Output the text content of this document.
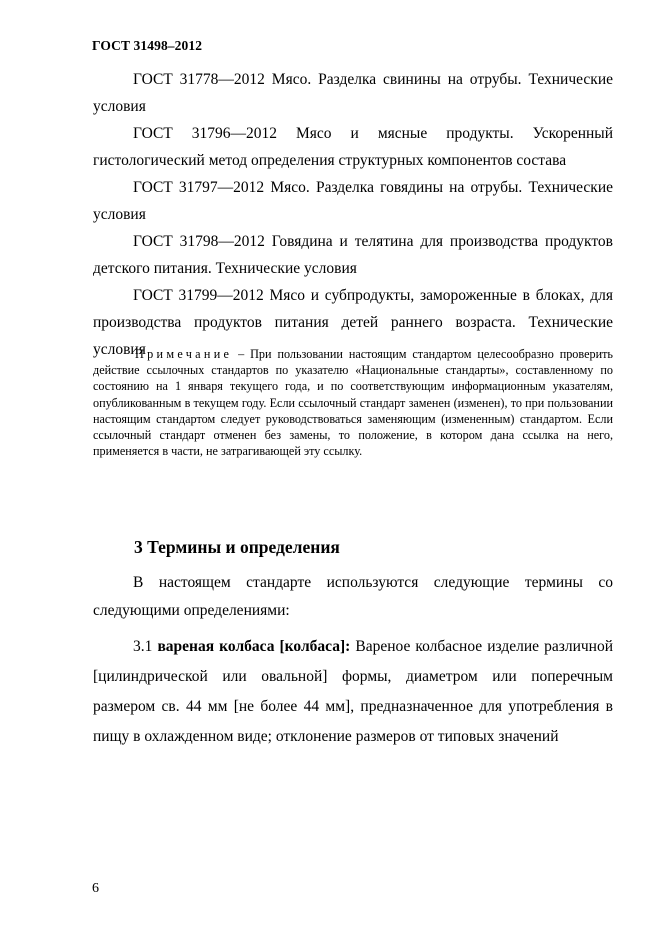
ГОСТ 31498–2012

ГОСТ 31778—2012 Мясо. Разделка свинины на отрубы. Технические условия

ГОСТ 31796—2012 Мясо и мясные продукты. Ускоренный гистологический метод определения структурных компонентов состава

ГОСТ 31797—2012 Мясо. Разделка говядины на отрубы. Технические условия

ГОСТ 31798—2012 Говядина и телятина для производства продуктов детского питания. Технические условия

ГОСТ 31799—2012 Мясо и субпродукты, замороженные в блоках, для производства продуктов питания детей раннего возраста. Технические условия

Примечание – При пользовании настоящим стандартом целесообразно проверить действие ссылочных стандартов по указателю «Национальные стандарты», составленному по состоянию на 1 января текущего года, и по соответствующим информационным указателям, опубликованным в текущем году. Если ссылочный стандарт заменен (изменен), то при пользовании настоящим стандартом следует руководствоваться заменяющим (измененным) стандартом. Если ссылочный стандарт отменен без замены, то положение, в котором дана ссылка на него, применяется в части, не затрагивающей эту ссылку.

3 Термины и определения

В настоящем стандарте используются следующие термины со следующими определениями:

3.1 вареная колбаса [колбаса]: Вареное колбасное изделие различной [цилиндрической или овальной] формы, диаметром или поперечным размером св. 44 мм [не более 44 мм], предназначенное для употребления в пищу в охлажденном виде; отклонение размеров от типовых значений

6
